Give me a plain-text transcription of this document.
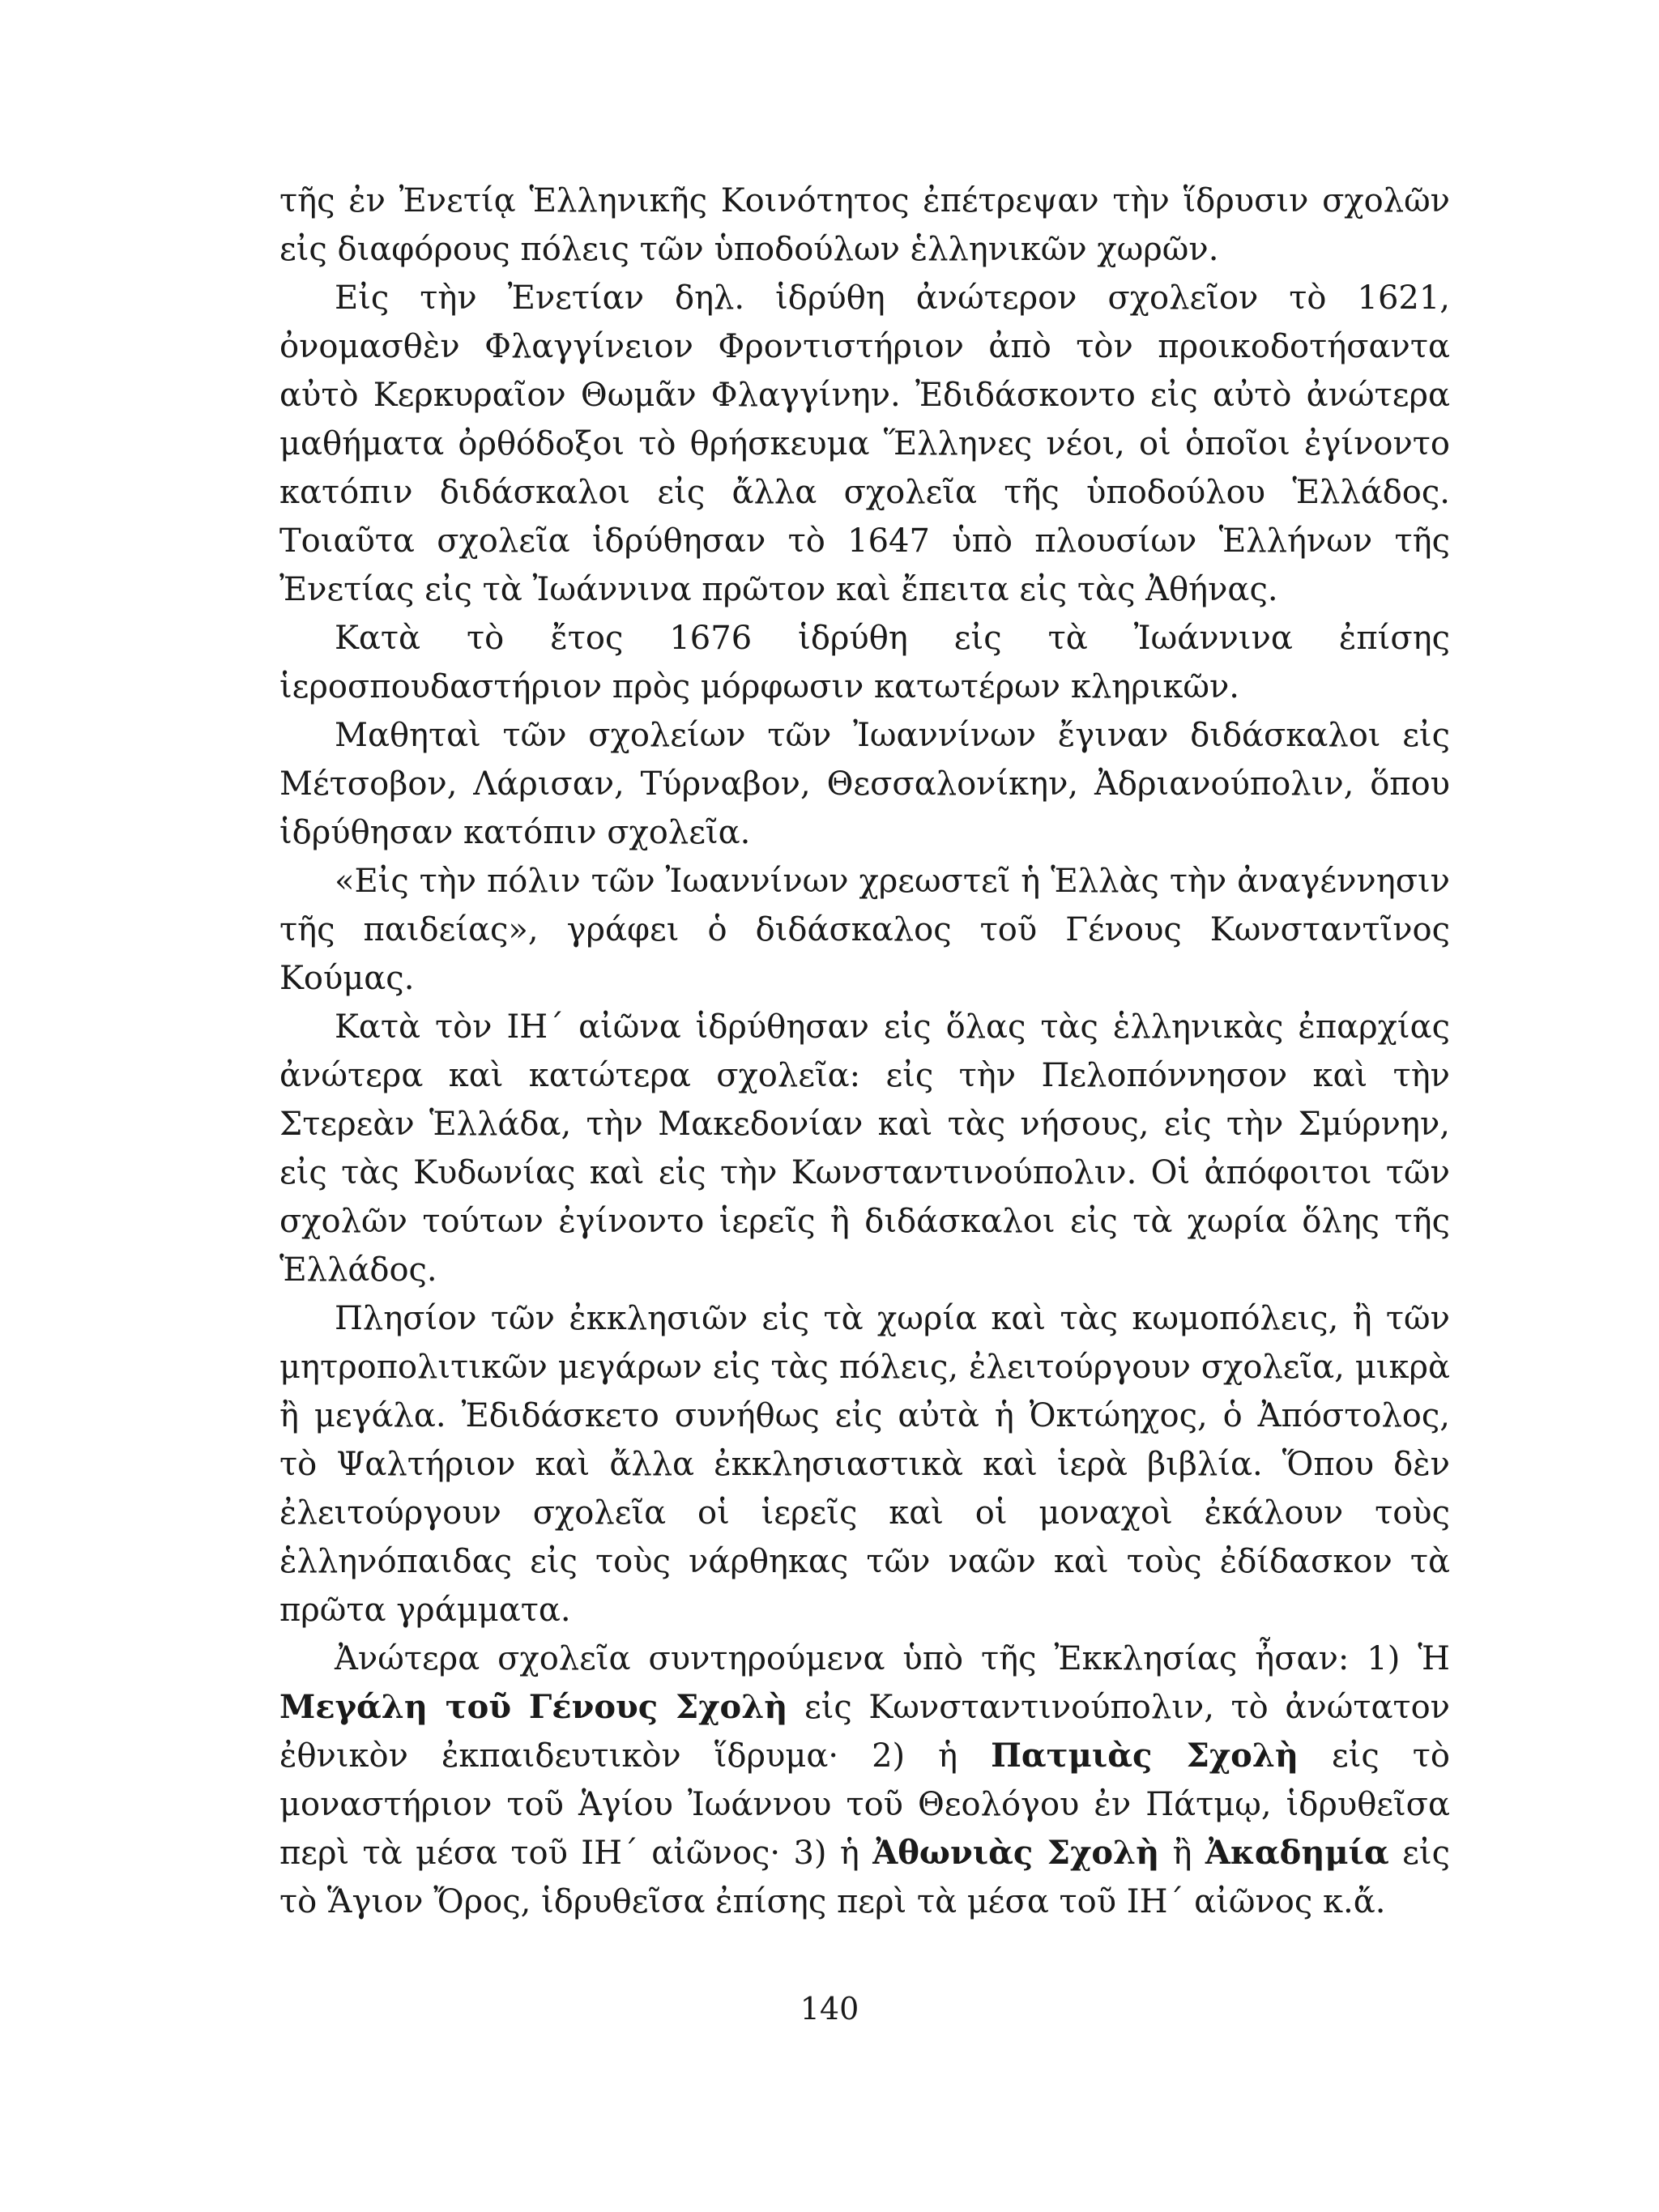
τῆς ἐν Ἐνετίᾳ Ἑλληνικῆς Κοινότητος ἐπέτρεψαν τὴν ἵδρυσιν σχολῶν εἰς διαφόρους πόλεις τῶν ὑποδούλων ἑλληνικῶν χωρῶν.

Εἰς τὴν Ἐνετίαν δηλ. ἱδρύθη ἀνώτερον σχολεῖον τὸ 1621, ὀνομασθὲν Φλαγγίνειον Φροντιστήριον ἀπὸ τὸν προικοδοτήσαντα αὐτὸ Κερκυραῖον Θωμᾶν Φλαγγίνην. Ἐδιδάσκοντο εἰς αὐτὸ ἀνώτερα μαθήματα ὀρθόδοξοι τὸ θρήσκευμα Ἕλληνες νέοι, οἱ ὁποῖοι ἐγίνοντο κατόπιν διδάσκαλοι εἰς ἄλλα σχολεῖα τῆς ὑποδούλου Ἑλλάδος. Τοιαῦτα σχολεῖα ἱδρύθησαν τὸ 1647 ὑπὸ πλουσίων Ἑλλήνων τῆς Ἐνετίας εἰς τὰ Ἰωάννινα πρῶτον καὶ ἔπειτα εἰς τὰς Ἀθήνας.

Κατὰ τὸ ἔτος 1676 ἱδρύθη εἰς τὰ Ἰωάννινα ἐπίσης ἱεροσπουδαστήριον πρὸς μόρφωσιν κατωτέρων κληρικῶν.

Μαθηταὶ τῶν σχολείων τῶν Ἰωαννίνων ἔγιναν διδάσκαλοι εἰς Μέτσοβον, Λάρισαν, Τύρναβον, Θεσσαλονίκην, Ἀδριανούπολιν, ὅπου ἱδρύθησαν κατόπιν σχολεῖα.

«Εἰς τὴν πόλιν τῶν Ἰωαννίνων χρεωστεῖ ἡ Ἑλλὰς τὴν ἀναγέννησιν τῆς παιδείας», γράφει ὁ διδάσκαλος τοῦ Γένους Κωνσταντῖνος Κούμας.

Κατὰ τὸν ΙΗ΄ αἰῶνα ἱδρύθησαν εἰς ὅλας τὰς ἑλληνικὰς ἐπαρχίας ἀνώτερα καὶ κατώτερα σχολεῖα: εἰς τὴν Πελοπόννησον καὶ τὴν Στερεὰν Ἑλλάδα, τὴν Μακεδονίαν καὶ τὰς νήσους, εἰς τὴν Σμύρνην, εἰς τὰς Κυδωνίας καὶ εἰς τὴν Κωνσταντινούπολιν. Οἱ ἀπόφοιτοι τῶν σχολῶν τούτων ἐγίνοντο ἱερεῖς ἢ διδάσκαλοι εἰς τὰ χωρία ὅλης τῆς Ἑλλάδος.

Πλησίον τῶν ἐκκλησιῶν εἰς τὰ χωρία καὶ τὰς κωμοπόλεις, ἢ τῶν μητροπολιτικῶν μεγάρων εἰς τὰς πόλεις, ἐλειτούργουν σχολεῖα, μικρὰ ἢ μεγάλα. Ἐδιδάσκετο συνήθως εἰς αὐτὰ ἡ Ὀκτώηχος, ὁ Ἀπόστολος, τὸ Ψαλτήριον καὶ ἄλλα ἐκκλησιαστικὰ καὶ ἱερὰ βιβλία. Ὅπου δὲν ἐλειτούργουν σχολεῖα οἱ ἱερεῖς καὶ οἱ μοναχοὶ ἐκάλουν τοὺς ἑλληνόπαιδας εἰς τοὺς νάρθηκας τῶν ναῶν καὶ τοὺς ἐδίδασκον τὰ πρῶτα γράμματα.

Ἀνώτερα σχολεῖα συντηρούμενα ὑπὸ τῆς Ἐκκλησίας ἦσαν: 1) Ἡ Μεγάλη τοῦ Γένους Σχολὴ εἰς Κωνσταντινούπολιν, τὸ ἀνώτατον ἐθνικὸν ἐκπαιδευτικὸν ἵδρυμα· 2) ἡ Πατμιὰς Σχολὴ εἰς τὸ μοναστήριον τοῦ Ἁγίου Ἰωάννου τοῦ Θεολόγου ἐν Πάτμῳ, ἱδρυθεῖσα περὶ τὰ μέσα τοῦ ΙΗ΄ αἰῶνος· 3) ἡ Ἀθωνιὰς Σχολὴ ἢ Ἀκαδημία εἰς τὸ Ἅγιον Ὄρος, ἱδρυθεῖσα ἐπίσης περὶ τὰ μέσα τοῦ ΙΗ΄ αἰῶνος κ.ἄ.

140
